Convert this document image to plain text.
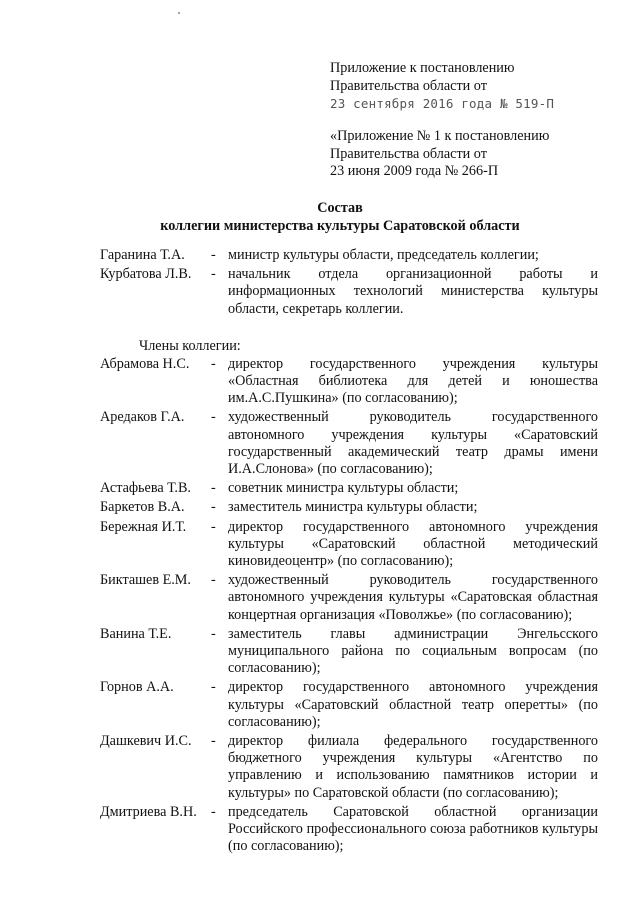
Приложение к постановлению
Правительства области от
23 сентября 2016 года № 519-П
«Приложение № 1 к постановлению
Правительства области от
23 июня 2009 года № 266-П
Состав
коллегии министерства культуры Саратовской области
Гаранина Т.А. - министр культуры области, председатель коллегии;
Курбатова Л.В. - начальник отдела организационной работы и информационных технологий министерства культуры области, секретарь коллегии.
Члены коллегии:
Абрамова Н.С. - директор государственного учреждения культуры «Областная библиотека для детей и юношества им.А.С.Пушкина» (по согласованию);
Аредаков Г.А. - художественный руководитель государственного автономного учреждения культуры «Саратовский государственный академический театр драмы имени И.А.Слонова» (по согласованию);
Астафьева Т.В. - советник министра культуры области;
Баркетов В.А. - заместитель министра культуры области;
Бережная И.Т. - директор государственного автономного учреждения культуры «Саратовский областной методический киновидеоцентр» (по согласованию);
Бикташев Е.М. - художественный руководитель государственного автономного учреждения культуры «Саратовская областная концертная организация «Поволжье» (по согласованию);
Ванина Т.Е.	- заместитель главы администрации Энгельсского муниципального района по социальным вопросам (по согласованию);
Горнов А.А.	- директор государственного автономного учреждения культуры «Саратовский областной театр оперетты» (по согласованию);
Дашкевич И.С. - директор филиала федерального государственного бюджетного учреждения культуры «Агентство по управлению и использованию памятников истории и культуры» по Саратовской области (по согласованию);
Дмитриева В.Н. - председатель Саратовской областной организации Российского профессионального союза работников культуры (по согласованию);
